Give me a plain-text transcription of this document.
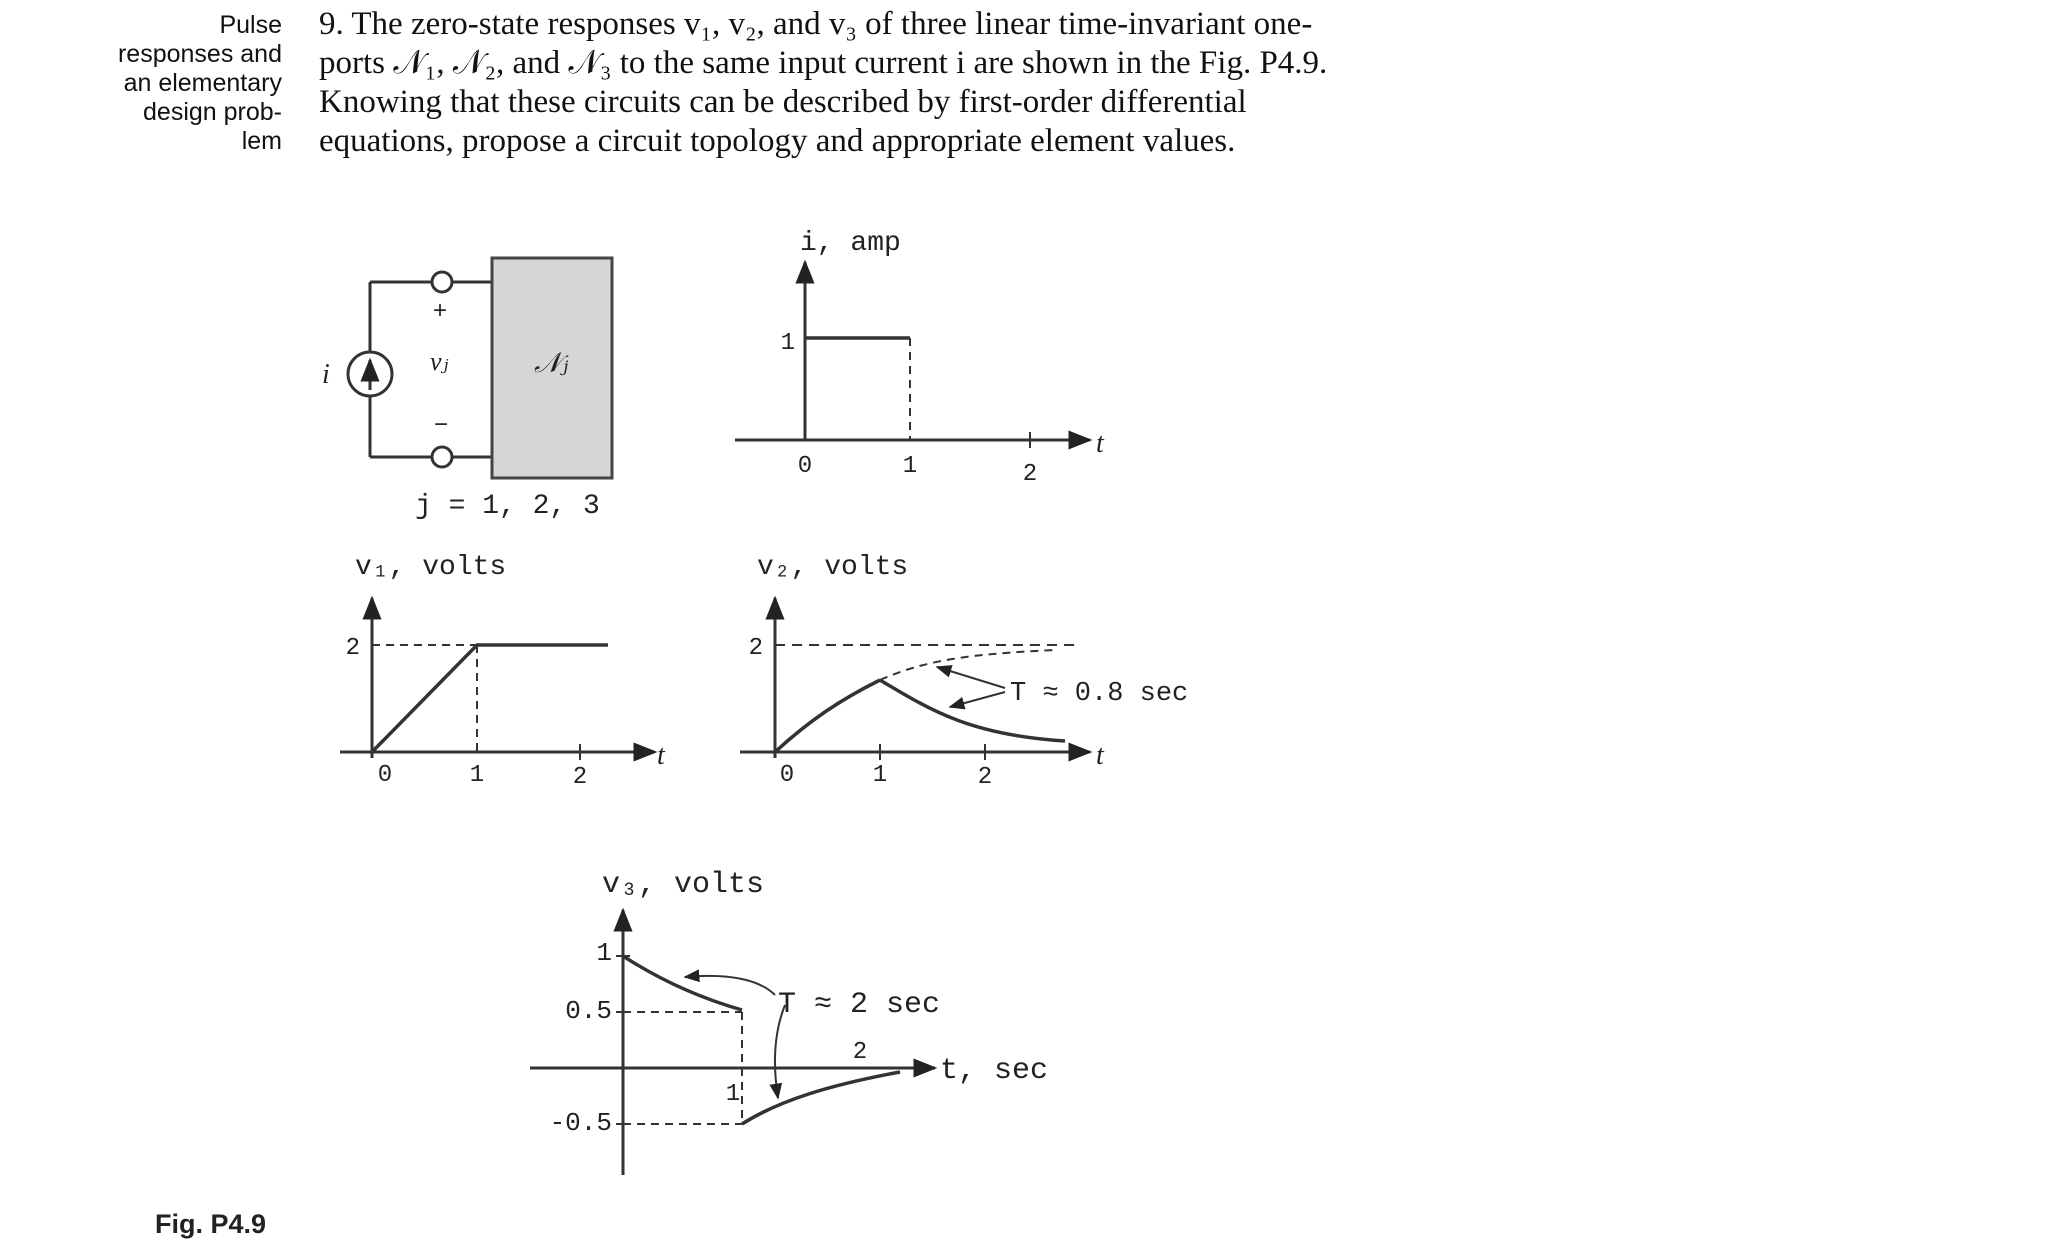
Pulse
responses and
an elementary
design prob-
lem
9. The zero-state responses v₁, v₂, and v₃ of three linear time-invariant one-
ports 𝒩₁, 𝒩₂, and 𝒩₃ to the same input current i are shown in the Fig. P4.9.
Knowing that these circuits can be described by first-order differential
equations, propose a circuit topology and appropriate element values.
i
+
−
vⱼ	𝒩ⱼ
j = 1, 2, 3
i, amp
t
1
0	1	2
v₁, volts
t
2
0	1	2
v₂, volts
t
2
0	1	2
T ≈ 0.8 sec
v₃, volts
t, sec
1
0.5
-0.5
1
2
T ≈ 2 sec
Fig. P4.9
